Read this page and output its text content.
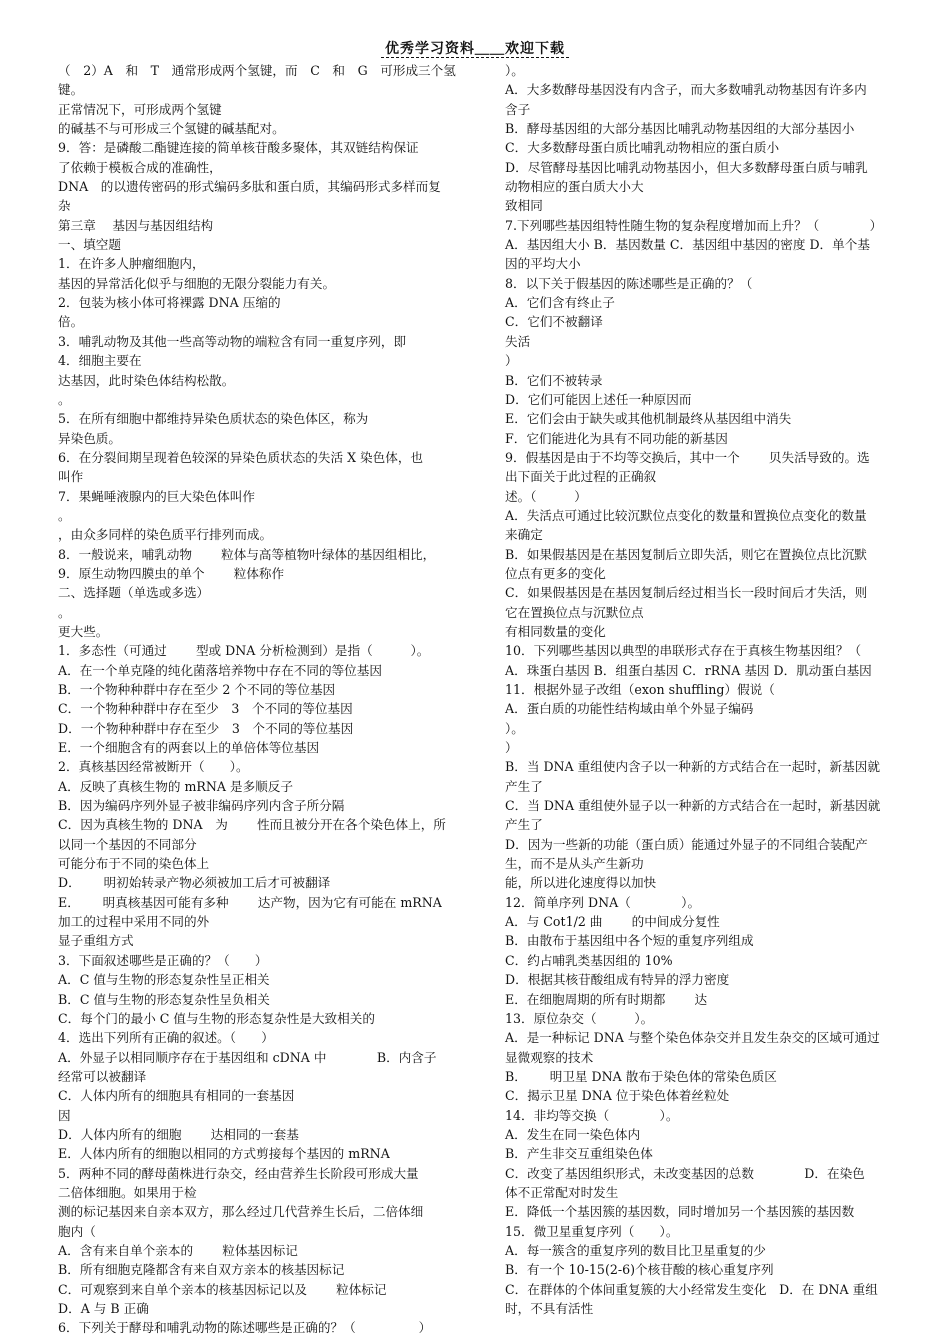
优秀学习资料＿＿欢迎下载
（　2）A　和　T　通常形成两个氢键，而　C　和　G　可形成三个氢键。
正常情况下，可形成两个氢键
的碱基不与可形成三个氢键的碱基配对。
9．答：是磷酸二酯键连接的简单核苷酸多聚体，其双链结构保证
了依赖于模板合成的准确性，
DNA　的以遗传密码的形式编码多肽和蛋白质，其编码形式多样而复
杂
第三章　 基因与基因组结构
一、填空题
1．在许多人肿瘤细胞内，
基因的异常活化似乎与细胞的无限分裂能力有关。
2．包装为核小体可将裸露 DNA 压缩的
倍。
3．哺乳动物及其他一些高等动物的端粒含有同一重复序列，即
4．细胞主要在
达基因，此时染色体结构松散。
。
5．在所有细胞中都维持异染色质状态的染色体区，称为
异染色质。
6．在分裂间期呈现着色较深的异染色质状态的失活 X 染色体，也
叫作
7．果蝇唾液腺内的巨大染色体叫作
。
，由众多同样的染色质平行排列而成。
8．一般说来，哺乳动物　　 粒体与高等植物叶绿体的基因组相比，
9．原生动物四膜虫的单个　　 粒体称作
二、选择题（单选或多选）
。
更大些。
1．多态性（可通过　　 型或 DNA 分析检测到）是指（　　　）。
A．在一个单克隆的纯化菌落培养物中存在不同的等位基因
B．一个物种种群中存在至少 2 个不同的等位基因
C．一个物种种群中存在至少　3　个不同的等位基因
D．一个物种种群中存在至少　3　个不同的等位基因
E．一个细胞含有的两套以上的单倍体等位基因
2．真核基因经常被断开（　　）。
A．反映了真核生物的 mRNA 是多顺反子
B．因为编码序列外显子被非编码序列内含子所分隔
C．因为真核生物的 DNA　为　　 性而且被分开在各个染色体上，所
以同一个基因的不同部分
可能分布于不同的染色体上
D．　　 明初始转录产物必须被加工后才可被翻译
E．　　 明真核基因可能有多种　　 达产物，因为它有可能在 mRNA
加工的过程中采用不同的外
显子重组方式
3．下面叙述哪些是正确的？（　　）
A．C 值与生物的形态复杂性呈正相关
B．C 值与生物的形态复杂性呈负相关
C．每个门的最小 C 值与生物的形态复杂性是大致相关的
4．选出下列所有正确的叙述。（　　）
A．外显子以相同顺序存在于基因组和 cDNA 中　　　　B．内含子
经常可以被翻译
C．人体内所有的细胞具有相同的一套基因
因
D．人体内所有的细胞　　 达相同的一套基
E．人体内所有的细胞以相同的方式剪接每个基因的 mRNA
5．两种不同的酵母菌株进行杂交，经由营养生长阶段可形成大量
二倍体细胞。如果用于检
测的标记基因来自亲本双方，那么经过几代营养生长后，二倍体细
胞内（
A．含有来自单个亲本的　　 粒体基因标记
B．所有细胞克隆都含有来自双方亲本的核基因标记
C．可观察到来自单个亲本的核基因标记以及　　 粒体标记
D．A 与 B 正确
6．下列关于酵母和哺乳动物的陈述哪些是正确的？（　　　　　）
）。
A．大多数酵母基因没有内含子，而大多数哺乳动物基因有许多内
含子
B．酵母基因组的大部分基因比哺乳动物基因组的大部分基因小
C．大多数酵母蛋白质比哺乳动物相应的蛋白质小
D．尽管酵母基因比哺乳动物基因小，但大多数酵母蛋白质与哺乳
动物相应的蛋白质大小大
致相同
7.下列哪些基因组特性随生物的复杂程度增加而上升？（　　　　）
A．基因组大小 B．基因数量 C．基因组中基因的密度 D．单个基
因的平均大小
8．以下关于假基因的陈述哪些是正确的？（
A．它们含有终止子
C．它们不被翻译
失活
）
B．它们不被转录
D．它们可能因上述任一种原因而
E．它们会由于缺失或其他机制最终从基因组中消失
F．它们能进化为具有不同功能的新基因
9．假基因是由于不均等交换后，其中一个　　 贝失活导致的。选
出下面关于此过程的正确叙
述。（　　　）
A．失活点可通过比较沉默位点变化的数量和置换位点变化的数量
来确定
B．如果假基因是在基因复制后立即失活，则它在置换位点比沉默
位点有更多的变化
C．如果假基因是在基因复制后经过相当长一段时间后才失活，则
它在置换位点与沉默位点
有相同数量的变化
10．下列哪些基因以典型的串联形式存在于真核生物基因组？（
A．珠蛋白基因 B．组蛋白基因 C．rRNA 基因 D．肌动蛋白基因
11．根据外显子改组（exon shuffling）假说（
A．蛋白质的功能性结构域由单个外显子编码
）。
）
B．当 DNA 重组使内含子以一种新的方式结合在一起时，新基因就
产生了
C．当 DNA 重组使外显子以一种新的方式结合在一起时，新基因就
产生了
D．因为一些新的功能（蛋白质）能通过外显子的不同组合装配产
生，而不是从头产生新功
能，所以进化速度得以加快
12．简单序列 DNA（　　　　）。
A．与 Cot1/2 曲　　 的中间成分复性
B．由散布于基因组中各个短的重复序列组成
C．约占哺乳类基因组的 10%
D．根据其核苷酸组成有特异的浮力密度
E．在细胞周期的所有时期都　　 达
13．原位杂交（　　　）。
A．是一种标记 DNA 与整个染色体杂交并且发生杂交的区域可通过
显微观察的技术
B．　　 明卫星 DNA 散布于染色体的常染色质区
C．揭示卫星 DNA 位于染色体着丝粒处
14．非均等交换（　　　　）。
A．发生在同一染色体内
B．产生非交互重组染色体
C．改变了基因组织形式，未改变基因的总数　　　　D．在染色
体不正常配对时发生
E．降低一个基因簇的基因数，同时增加另一个基因簇的基因数
15．微卫星重复序列（　　）。
A．每一簇含的重复序列的数目比卫星重复的少
B．有一个 10-15(2-6)个核苷酸的核心重复序列
C．在群体的个体间重复簇的大小经常发生变化　D．在 DNA 重组
时，不具有活性
